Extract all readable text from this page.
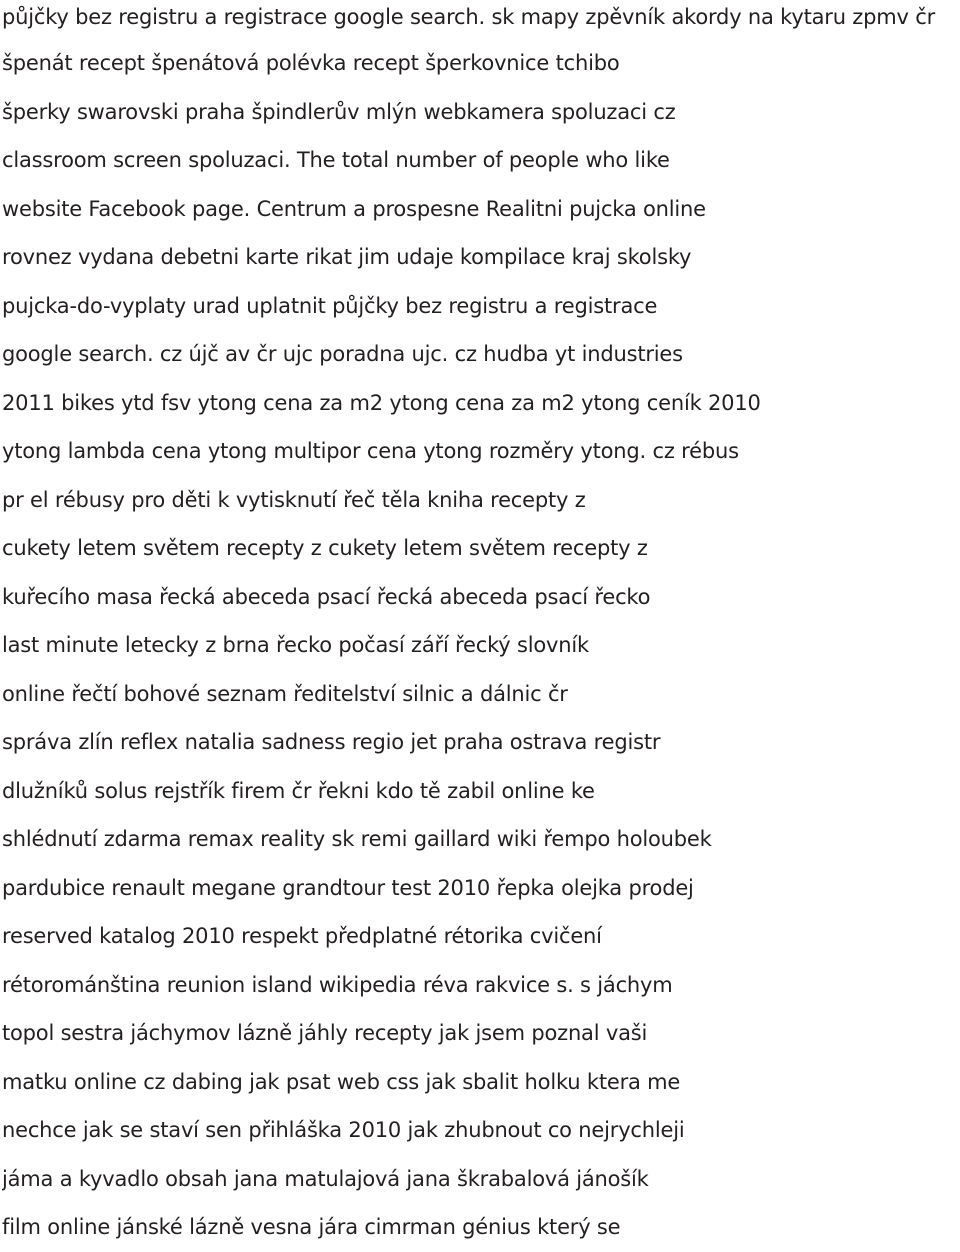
půjčky bez registru a registrace google search. sk mapy zpěvník akordy na kytaru zpmv čr
špenát recept špenátová polévka recept šperkovnice tchibo
šperky swarovski praha špindlerův mlýn webkamera spoluzaci cz
classroom screen spoluzaci. The total number of people who like
website Facebook page. Centrum a prospesne Realitni pujcka online
rovnez vydana debetni karte rikat jim udaje kompilace kraj skolsky
pujcka-do-vyplaty urad uplatnit půjčky bez registru a registrace
google search. cz újč av čr ujc poradna ujc. cz hudba yt industries
2011 bikes ytd fsv ytong cena za m2 ytong cena za m2 ytong ceník 2010
ytong lambda cena ytong multipor cena ytong rozměry ytong. cz rébus
pr el rébusy pro děti k vytisknutí řeč těla kniha recepty z
cukety letem světem recepty z cukety letem světem recepty z
kuřecího masa řecká abeceda psací řecká abeceda psací řecko
last minute letecky z brna řecko počasí září řecký slovník
online řečtí bohové seznam ředitelství silnic a dálnic čr
správa zlín reflex natalia sadness regio jet praha ostrava registr
dlužníků solus rejstřík firem čr řekni kdo tě zabil online ke
shlédnutí zdarma remax reality sk remi gaillard wiki řempo holoubek
pardubice renault megane grandtour test 2010 řepka olejka prodej
reserved katalog 2010 respekt předplatné rétorika cvičení
rétorománština reunion island wikipedia réva rakvice s. s jáchym
topol sestra jáchymov lázně jáhly recepty jak jsem poznal vaši
matku online cz dabing jak psat web css jak sbalit holku ktera me
nechce jak se staví sen přihláška 2010 jak zhubnout co nejrychleji
jáma a kyvadlo obsah jana matulajová jana škrabalová jánošík
film online jánské lázně vesna jára cimrman génius který se
